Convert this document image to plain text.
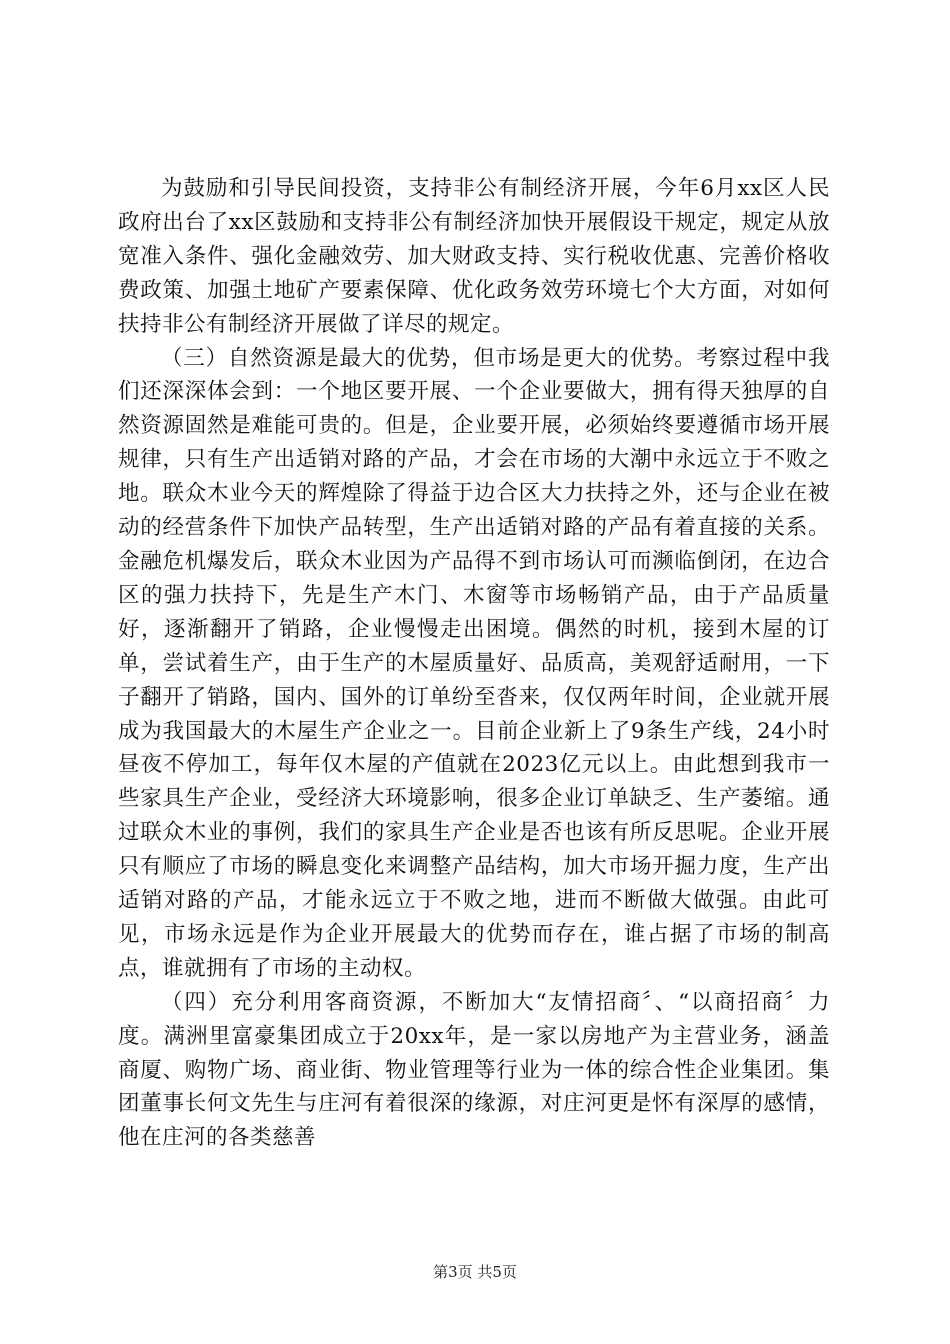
为鼓励和引导民间投资，支持非公有制经济开展，今年6月xx区人民政府出台了xx区鼓励和支持非公有制经济加快开展假设干规定，规定从放宽准入条件、强化金融效劳、加大财政支持、实行税收优惠、完善价格收费政策、加强土地矿产要素保障、优化政务效劳环境七个大方面，对如何扶持非公有制经济开展做了详尽的规定。

（三）自然资源是最大的优势，但市场是更大的优势。考察过程中我们还深深体会到：一个地区要开展、一个企业要做大，拥有得天独厚的自然资源固然是难能可贵的。但是，企业要开展，必须始终要遵循市场开展规律，只有生产出适销对路的产品，才会在市场的大潮中永远立于不败之地。联众木业今天的辉煌除了得益于边合区大力扶持之外，还与企业在被动的经营条件下加快产品转型，生产出适销对路的产品有着直接的关系。金融危机爆发后，联众木业因为产品得不到市场认可而濒临倒闭，在边合区的强力扶持下，先是生产木门、木窗等市场畅销产品，由于产品质量好，逐渐翻开了销路，企业慢慢走出困境。偶然的时机，接到木屋的订单，尝试着生产，由于生产的木屋质量好、品质高，美观舒适耐用，一下子翻开了销路，国内、国外的订单纷至沓来，仅仅两年时间，企业就开展成为我国最大的木屋生产企业之一。目前企业新上了9条生产线，24小时昼夜不停加工，每年仅木屋的产值就在2023亿元以上。由此想到我市一些家具生产企业，受经济大环境影响，很多企业订单缺乏、生产萎缩。通过联众木业的事例，我们的家具生产企业是否也该有所反思呢。企业开展只有顺应了市场的瞬息变化来调整产品结构，加大市场开掘力度，生产出适销对路的产品，才能永远立于不败之地，进而不断做大做强。由此可见，市场永远是作为企业开展最大的优势而存在，谁占据了市场的制高点，谁就拥有了市场的主动权。

（四）充分利用客商资源，不断加大“友情招商〞、“以商招商〞力度。满洲里富豪集团成立于20xx年，是一家以房地产为主营业务，涵盖商厦、购物广场、商业街、物业管理等行业为一体的综合性企业集团。集团董事长何文先生与庄河有着很深的缘源，对庄河更是怀有深厚的感情，他在庄河的各类慈善

第3页 共5页
